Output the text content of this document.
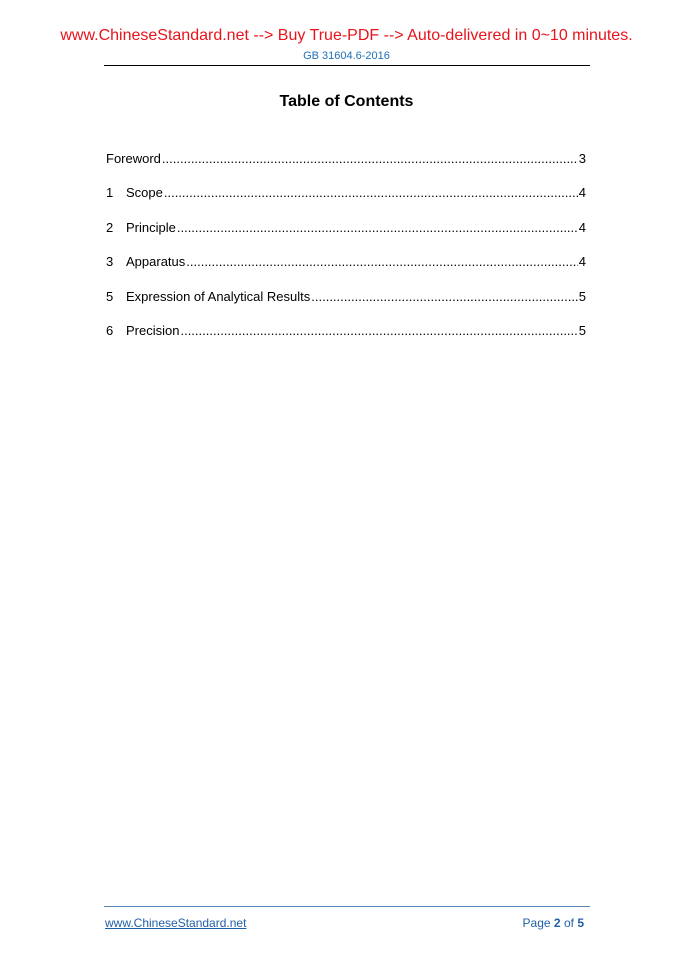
www.ChineseStandard.net --> Buy True-PDF --> Auto-delivered in 0~10 minutes.
GB 31604.6-2016
Table of Contents
Foreword .....	3
1 Scope .....	4
2 Principle .....	4
3 Apparatus .....	4
5 Expression of Analytical Results .....	5
6 Precision .....	5
www.ChineseStandard.net	Page 2 of 5
